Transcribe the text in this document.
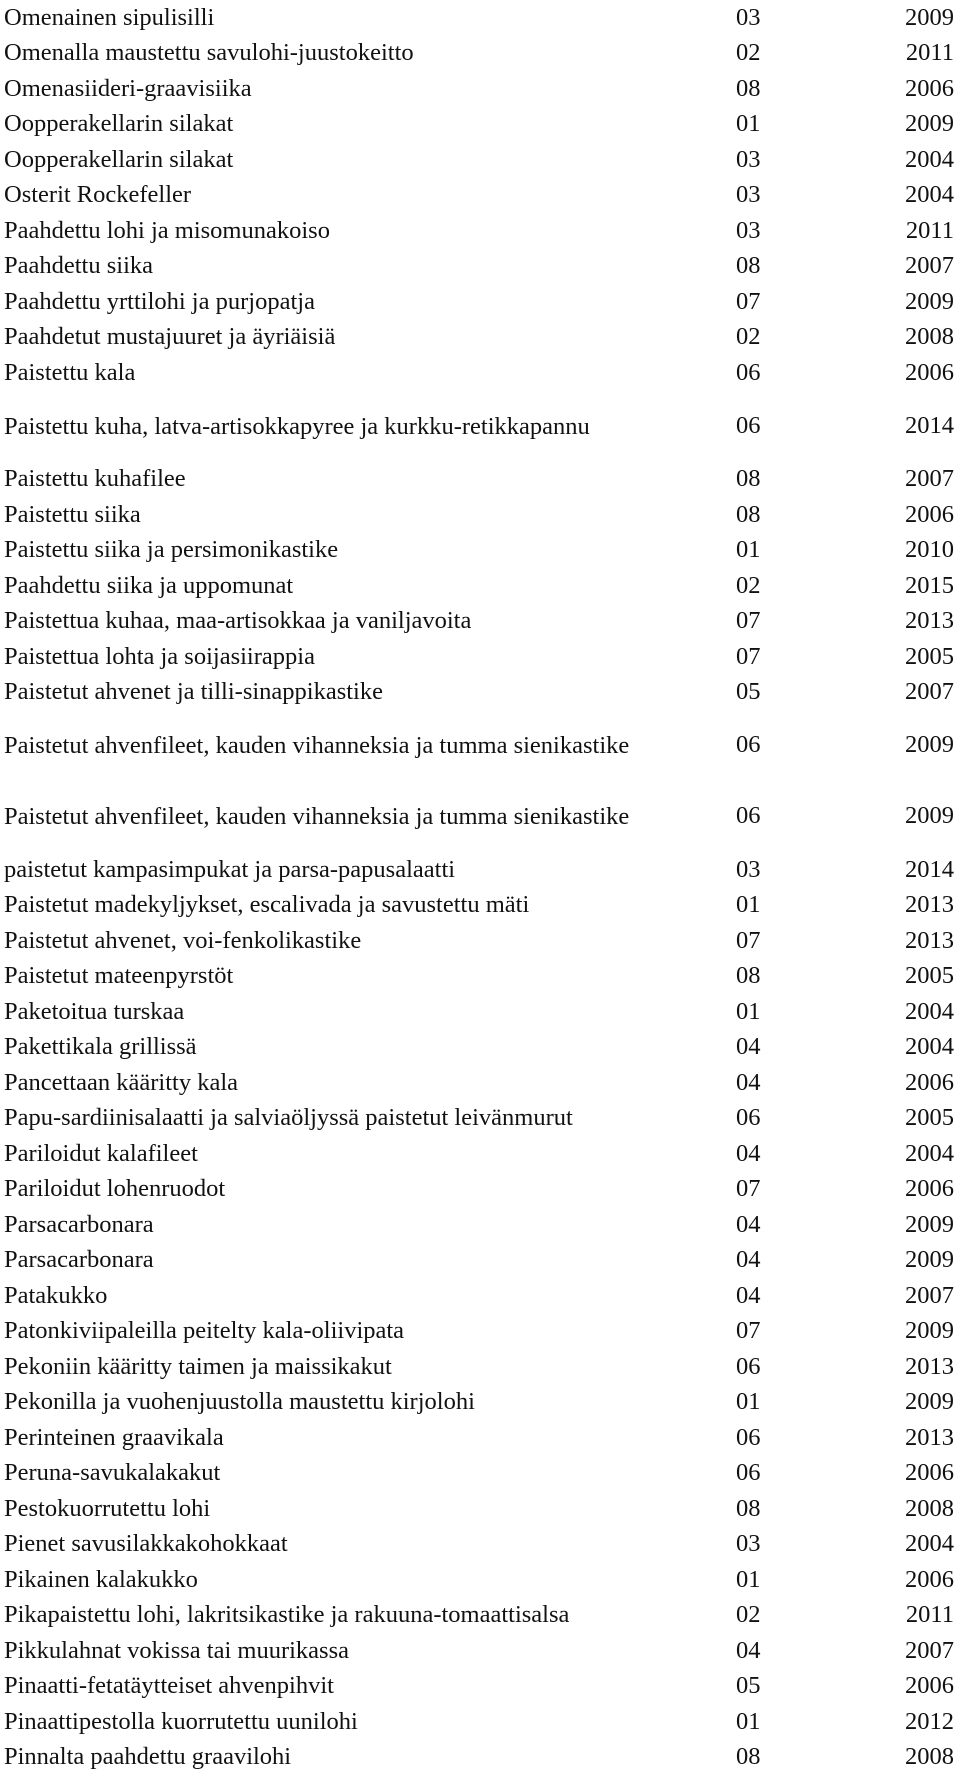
Omenainen sipulisilli	03	2009
Omenalla maustettu savulohi-juustokeitto	02	2011
Omenasiideri-graavisiika	08	2006
Oopperakellarin silakat	01	2009
Oopperakellarin silakat	03	2004
Osterit Rockefeller	03	2004
Paahdettu lohi ja misomunakoiso	03	2011
Paahdettu siika	08	2007
Paahdettu yrttilohi ja purjopatja	07	2009
Paahdetut mustajuuret ja äyriäisiä	02	2008
Paistettu kala	06	2006
Paistettu kuha, latva-artisokkapyree ja kurkku-retikkapannu	06	2014
Paistettu kuhafilee	08	2007
Paistettu siika	08	2006
Paistettu siika ja persimonikastike	01	2010
Paahdettu siika ja uppomunat	02	2015
Paistettua kuhaa, maa-artisokkaa ja vaniljavoita	07	2013
Paistettua lohta ja soijasiirappia	07	2005
Paistetut ahvenet ja tilli-sinappikastike	05	2007
Paistetut ahvenfileet, kauden vihanneksia ja tumma sienikastike	06	2009
Paistetut ahvenfileet, kauden vihanneksia ja tumma sienikastike	06	2009
paistetut kampasimpukat ja parsa-papusalaatti	03	2014
Paistetut madekyljykset, escalivada ja savustettu mäti	01	2013
Paistetut ahvenet, voi-fenkolikastike	07	2013
Paistetut mateenpyrstöt	08	2005
Paketoitua turskaa	01	2004
Pakettikala grillissä	04	2004
Pancettaan kääritty kala	04	2006
Papu-sardiinisalaatti ja salviaöljyssä paistetut leivänmurut	06	2005
Pariloidut kalafileet	04	2004
Pariloidut lohenruodot	07	2006
Parsacarbonara	04	2009
Parsacarbonara	04	2009
Patakukko	04	2007
Patonkiviipaleilla peitelty kala-oliivipata	07	2009
Pekoniin kääritty taimen ja maissikakut	06	2013
Pekonilla ja vuohenjuustolla maustettu kirjolohi	01	2009
Perinteinen graavikala	06	2013
Peruna-savukalakakut	06	2006
Pestokuorrutettu lohi	08	2008
Pienet savusilakkakohokkaat	03	2004
Pikainen kalakukko	01	2006
Pikapaistettu lohi, lakritsikastike ja rakuuna-tomaattisalsa	02	2011
Pikkulahnat vokissa tai muurikassa	04	2007
Pinaatti-fetatäytteiset ahvenpihvit	05	2006
Pinaattipestolla kuorrutettu uunilohi	01	2012
Pinnalta paahdettu graavilohi	08	2008
